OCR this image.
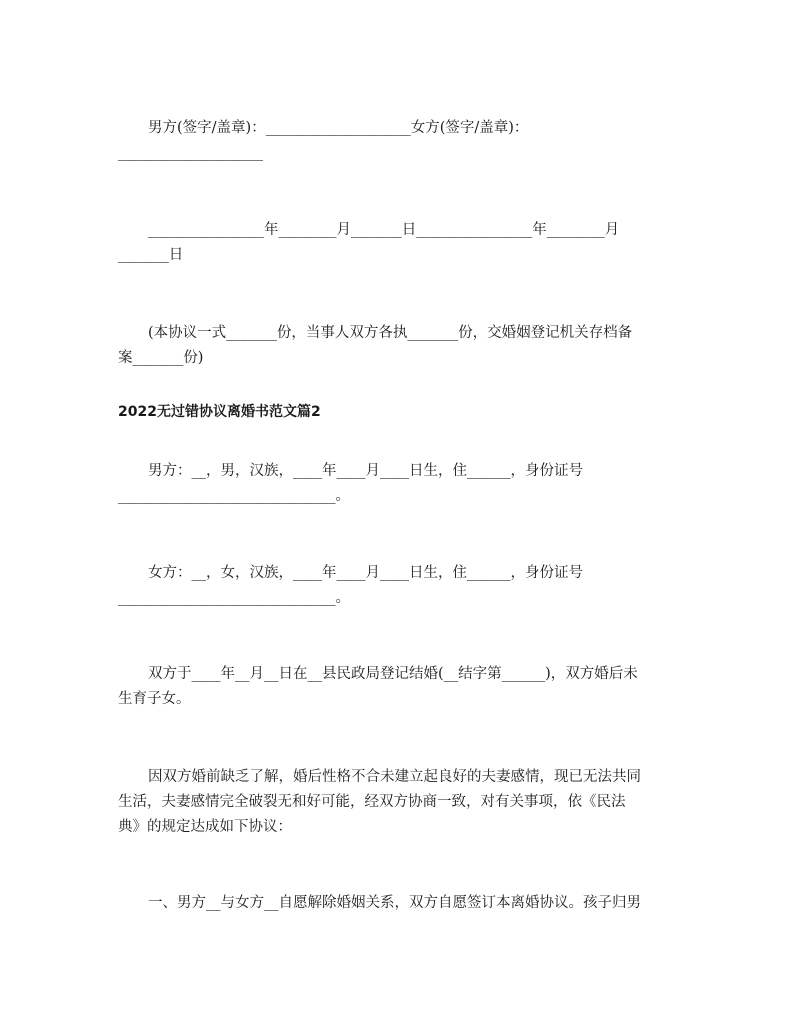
男方(签字/盖章)：____________________女方(签字/盖章)：
____________________
________________年________月_______日________________年________月
_______日
(本协议一式_______份，当事人双方各执_______份，交婚姻登记机关存档备
案_______份)
2022无过错协议离婚书范文篇2
男方：__，男，汉族，____年____月____日生，住______，身份证号
______________________________。
女方：__，女，汉族，____年____月____日生，住______，身份证号
______________________________。
双方于____年__月__日在__县民政局登记结婚(__结字第______)，双方婚后未
生育子女。
因双方婚前缺乏了解，婚后性格不合未建立起良好的夫妻感情，现已无法共同
生活，夫妻感情完全破裂无和好可能，经双方协商一致，对有关事项，依《民法
典》的规定达成如下协议：
一、男方__与女方__自愿解除婚姻关系，双方自愿签订本离婚协议。孩子归男
